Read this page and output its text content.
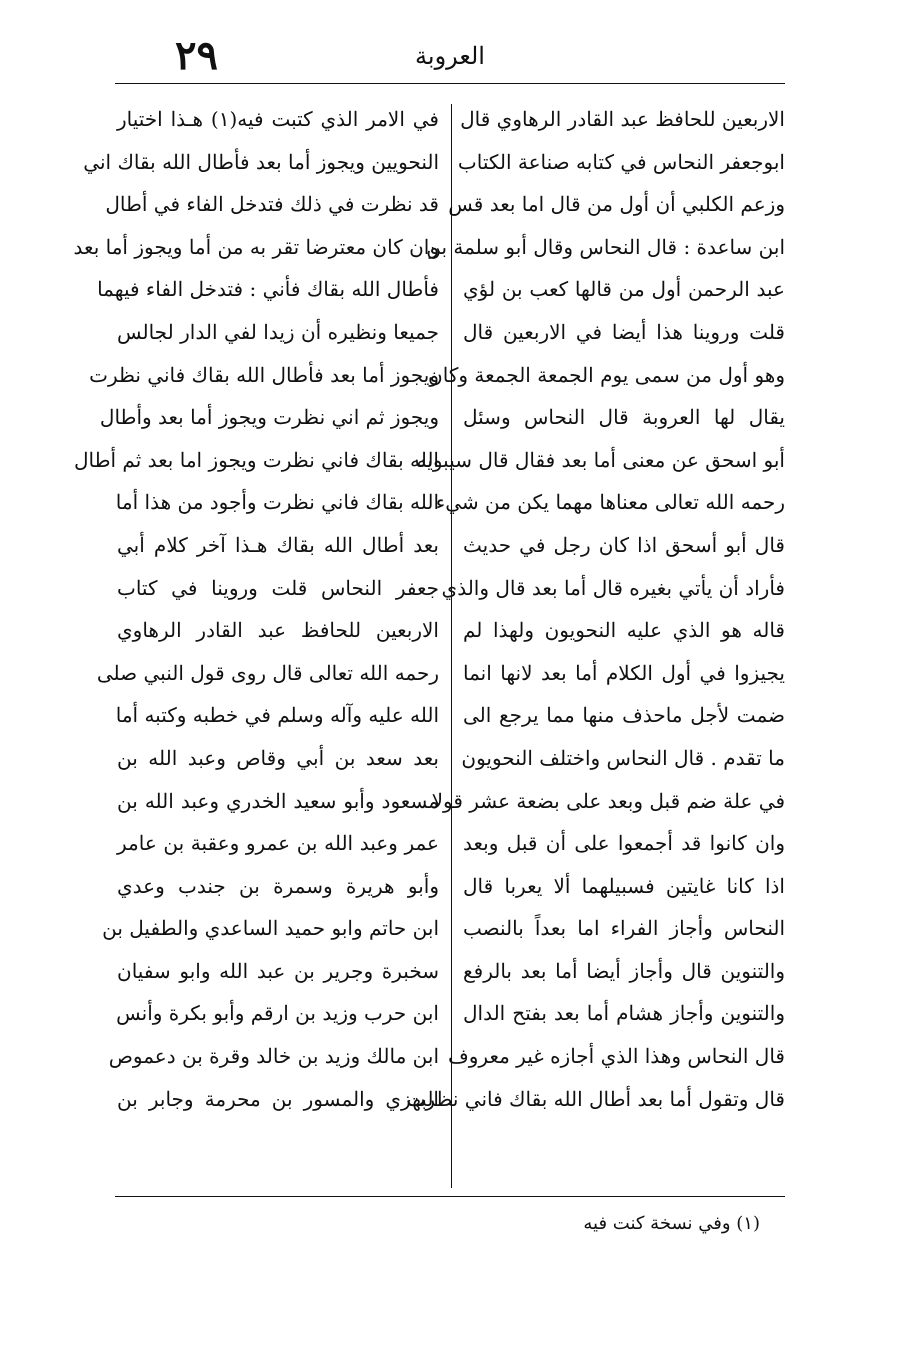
٢٩	العروبة
الاربعين للحافظ عبد القادر الرهاوي قال
ابوجعفر النحاس في كتابه صناعة الكتاب
وزعم الكلبي أن أول من قال اما بعد قس
ابن ساعدة : قال النحاس وقال أبو سلمة بن
عبد الرحمن أول من قالها كعب بن لؤي
قلت وروينا هذا أيضا في الاربعين قال
وهو أول من سمى يوم الجمعة الجمعة وكان
يقال لها العروبة قال النحاس وسئل
أبو اسحق عن معنى أما بعد فقال قال سيبويه
رحمه الله تعالى معناها مهما يكن من شيء
قال أبو أسحق اذا كان رجل في حديث
فأراد أن يأتي بغيره قال أما بعد قال والذي
قاله هو الذي عليه النحويون ولهذا لم
يجيزوا في أول الكلام أما بعد لانها انما
ضمت لأجل ماحذف منها مما يرجع الى
ما تقدم . قال النحاس واختلف النحويون
في علة ضم قبل وبعد على بضعة عشر قولا
وان كانوا قد أجمعوا على أن قبل وبعد
اذا كانا غايتين فسبيلهما ألا يعربا قال
النحاس وأجاز الفراء اما بعداً بالنصب
والتنوين قال وأجاز أيضا أما بعد بالرفع
والتنوين وأجاز هشام أما بعد بفتح الدال
قال النحاس وهذا الذي أجازه غير معروف
قال وتقول أما بعد أطال الله بقاك فاني نظرت
في الامر الذي كتبت فيه(١) هـذا اختيار
النحويين ويجوز أما بعد فأطال الله بقاك اني
قد نظرت في ذلك فتدخل الفاء في أطال
وان كان معترضا تقر به من أما ويجوز أما بعد
فأطال الله بقاك فأني : فتدخل الفاء فيهما
جميعا ونظيره أن زيدا لفي الدار لجالس
ويجوز أما بعد فأطال الله بقاك فاني نظرت
ويجوز ثم اني نظرت ويجوز أما بعد وأطال
الله بقاك فاني نظرت ويجوز اما بعد ثم أطال
الله بقاك فاني نظرت وأجود من هذا أما
بعد أطال الله بقاك هـذا آخر كلام أبي
جعفر النحاس قلت وروينا في كتاب
الاربعين للحافظ عبد القادر الرهاوي
رحمه الله تعالى قال روى قول النبي صلى
الله عليه وآله وسلم في خطبه وكتبه أما
بعد سعد بن أبي وقاص وعبد الله بن
مسعود وأبو سعيد الخدري وعبد الله بن
عمر وعبد الله بن عمرو وعقبة بن عامر
وأبو هريرة وسمرة بن جندب وعدي
ابن حاتم وابو حميد الساعدي والطفيل بن
سخبرة وجرير بن عبد الله وابو سفيان
ابن حرب وزيد بن ارقم وأبو بكرة وأنس
ابن مالك وزيد بن خالد وقرة بن دعموص
البهزي والمسور بن محرمة وجابر بن
(١) وفي نسخة كنت فيه
